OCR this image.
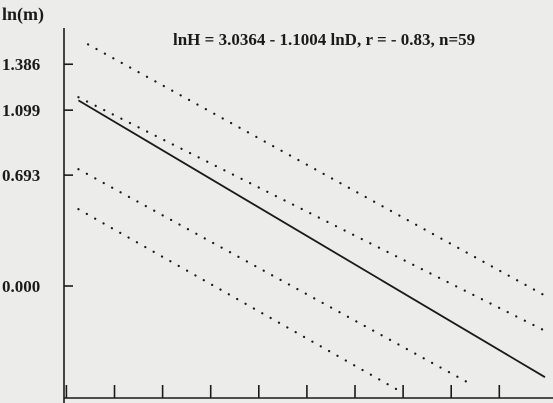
ln(m)
lnH = 3.0364 - 1.1004 lnD, r = - 0.83, n=59
1.386
1.099
0.693
0.000
